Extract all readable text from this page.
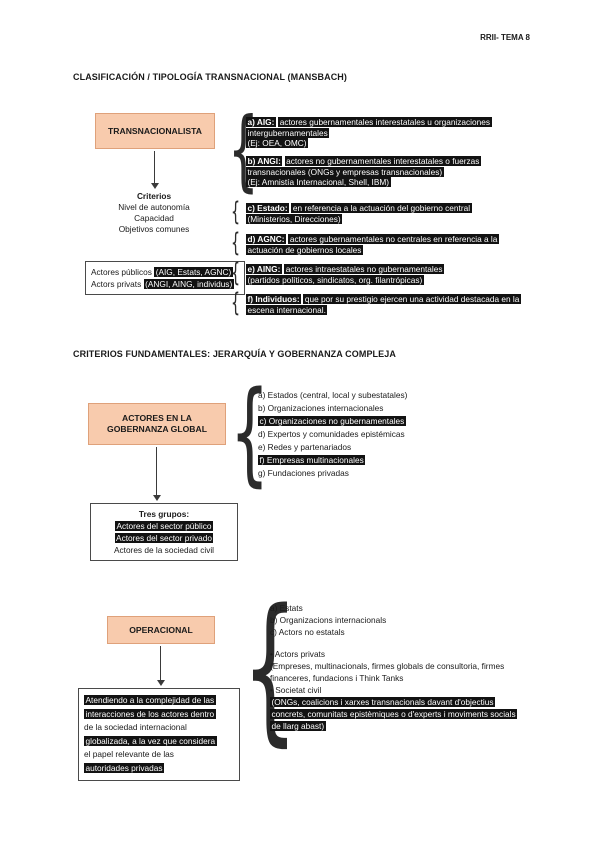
RRII- TEMA 8
CLASIFICACIÓN / TIPOLOGÍA TRANSNACIONAL (MANSBACH)
TRANSNACIONALISTA
Criterios
Nivel de autonomía
Capacidad
Objetivos comunes
Actores públicos (AIG, Estats, AGNC)
Actors privats (ANGI, AING, individus)
{
{
{
{
{
a) AIG: actores gubernamentales interestatales u organizaciones intergubernamentales
(Ej: OEA, OMC)
b) ANGI: actores no gubernamentales interestatales o fuerzas transnacionales (ONGs y empresas transnacionales)
(Ej: Amnistía Internacional, Shell, IBM)
c) Estado: en referencia a la actuación del gobierno central (Ministerios, Direcciones)
d) AGNC: actores gubernamentales no centrales en referencia a la actuación de gobiernos locales
e) AING: actores intraestatales no gubernamentales (partidos políticos, sindicatos, org. filantrópicas)
f) Individuos: que por su prestigio ejercen una actividad destacada en la escena internacional.
CRITERIOS FUNDAMENTALES: JERARQUÍA Y GOBERNANZA COMPLEJA
ACTORES EN LA GOBERNANZA GLOBAL
{
a) Estados (central, local y subestatales)
b) Organizaciones internacionales
c) Organizaciones no gubernamentales
d) Expertos y comunidades epistémicas
e) Redes y partenariados
f) Empresas multinacionales
g) Fundaciones privadas
Tres grupos:
Actores del sector público
Actores del sector privado
Actores de la sociedad civil
OPERACIONAL
{
a) Estats
b) Organizacions internacionals
c) Actors no estatals
• Actors privats
(Empreses, multinacionals, firmes globals de consultoria, firmes financeres, fundacions i Think Tanks
• Societat civil
(ONGs, coalicions i xarxes transnacionals davant d'objectius concrets, comunitats epistèmiques o d'experts i moviments socials de llarg abast)
Atendiendo a la complejidad de las
interacciones de los actores dentro
de la sociedad internacional
globalizada, a la vez que considera
el papel relevante de las
autoridades privadas
